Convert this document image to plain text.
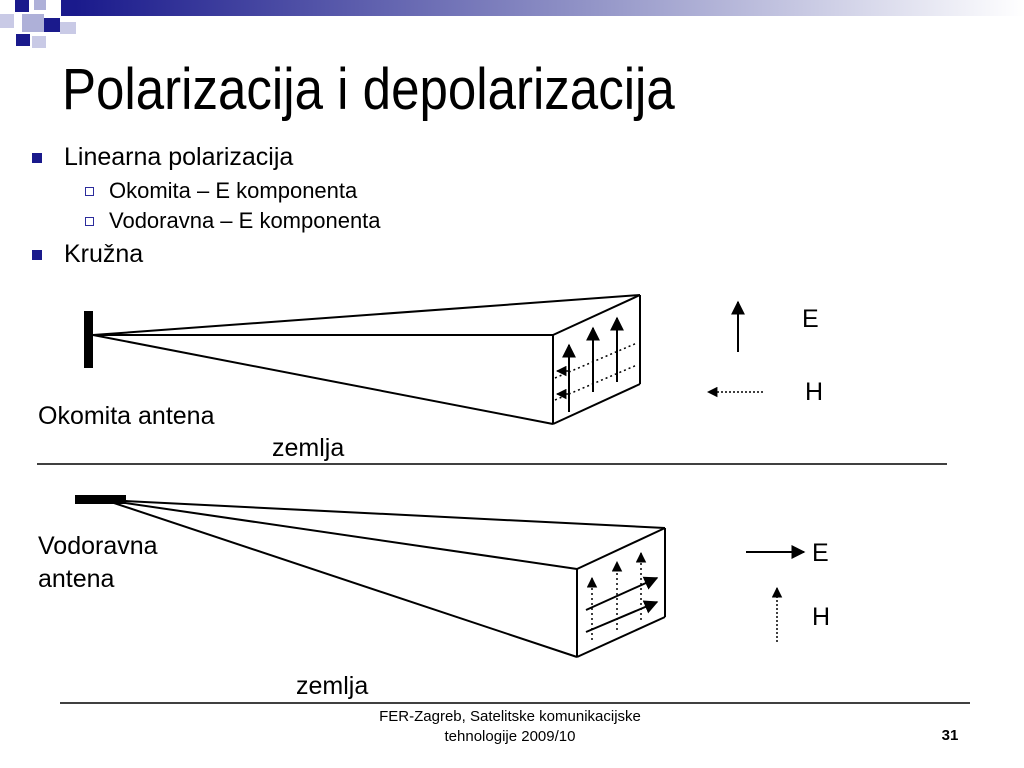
Polarizacija i depolarizacija
Linearna polarizacija
Okomita – E komponenta
Vodoravna – E komponenta
Kružna
Okomita antena
zemlja
E
H
Vodoravna
antena
zemlja
E
H
FER-Zagreb, Satelitske komunikacijske
tehnologije 2009/10	31
